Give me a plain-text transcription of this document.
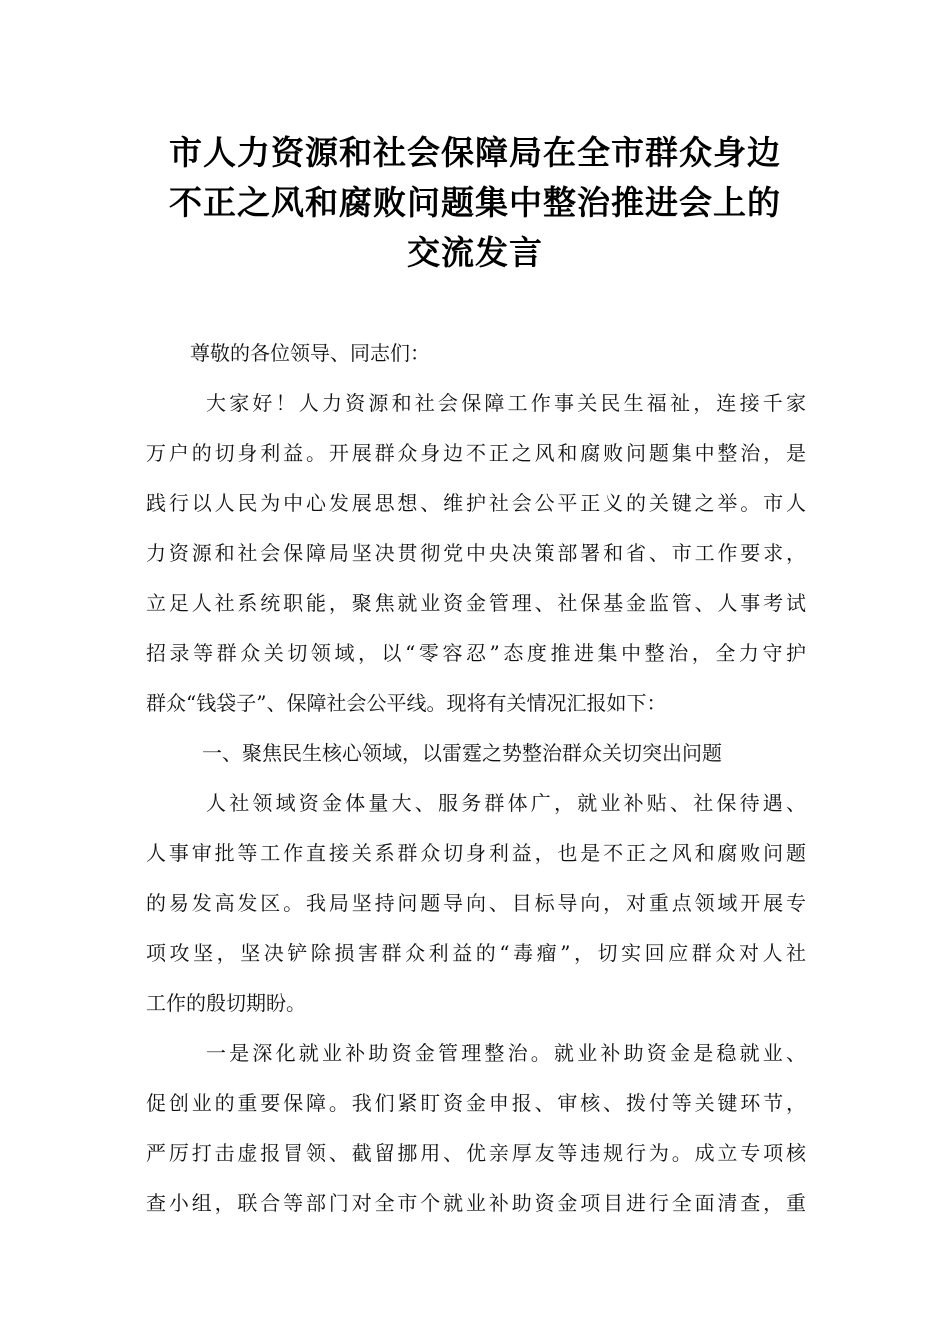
市人力资源和社会保障局在全市群众身边
不正之风和腐败问题集中整治推进会上的
交流发言

尊敬的各位领导、同志们：

大家好！人力资源和社会保障工作事关民生福祉，连接千家
万户的切身利益。开展群众身边不正之风和腐败问题集中整治，是
践行以人民为中心发展思想、维护社会公平正义的关键之举。市人
力资源和社会保障局坚决贯彻党中央决策部署和省、市工作要求，
立足人社系统职能，聚焦就业资金管理、社保基金监管、人事考试
招录等群众关切领域，以“零容忍”态度推进集中整治，全力守护
群众“钱袋子”、保障社会公平线。现将有关情况汇报如下：

一、聚焦民生核心领域，以雷霆之势整治群众关切突出问题

人社领域资金体量大、服务群体广，就业补贴、社保待遇、
人事审批等工作直接关系群众切身利益，也是不正之风和腐败问题
的易发高发区。我局坚持问题导向、目标导向，对重点领域开展专
项攻坚，坚决铲除损害群众利益的“毒瘤”，切实回应群众对人社
工作的殷切期盼。
一是深化就业补助资金管理整治。就业补助资金是稳就业、
促创业的重要保障。我们紧盯资金申报、审核、拨付等关键环节，
严厉打击虚报冒领、截留挪用、优亲厚友等违规行为。成立专项核
查小组，联合等部门对全市个就业补助资金项目进行全面清查，重
